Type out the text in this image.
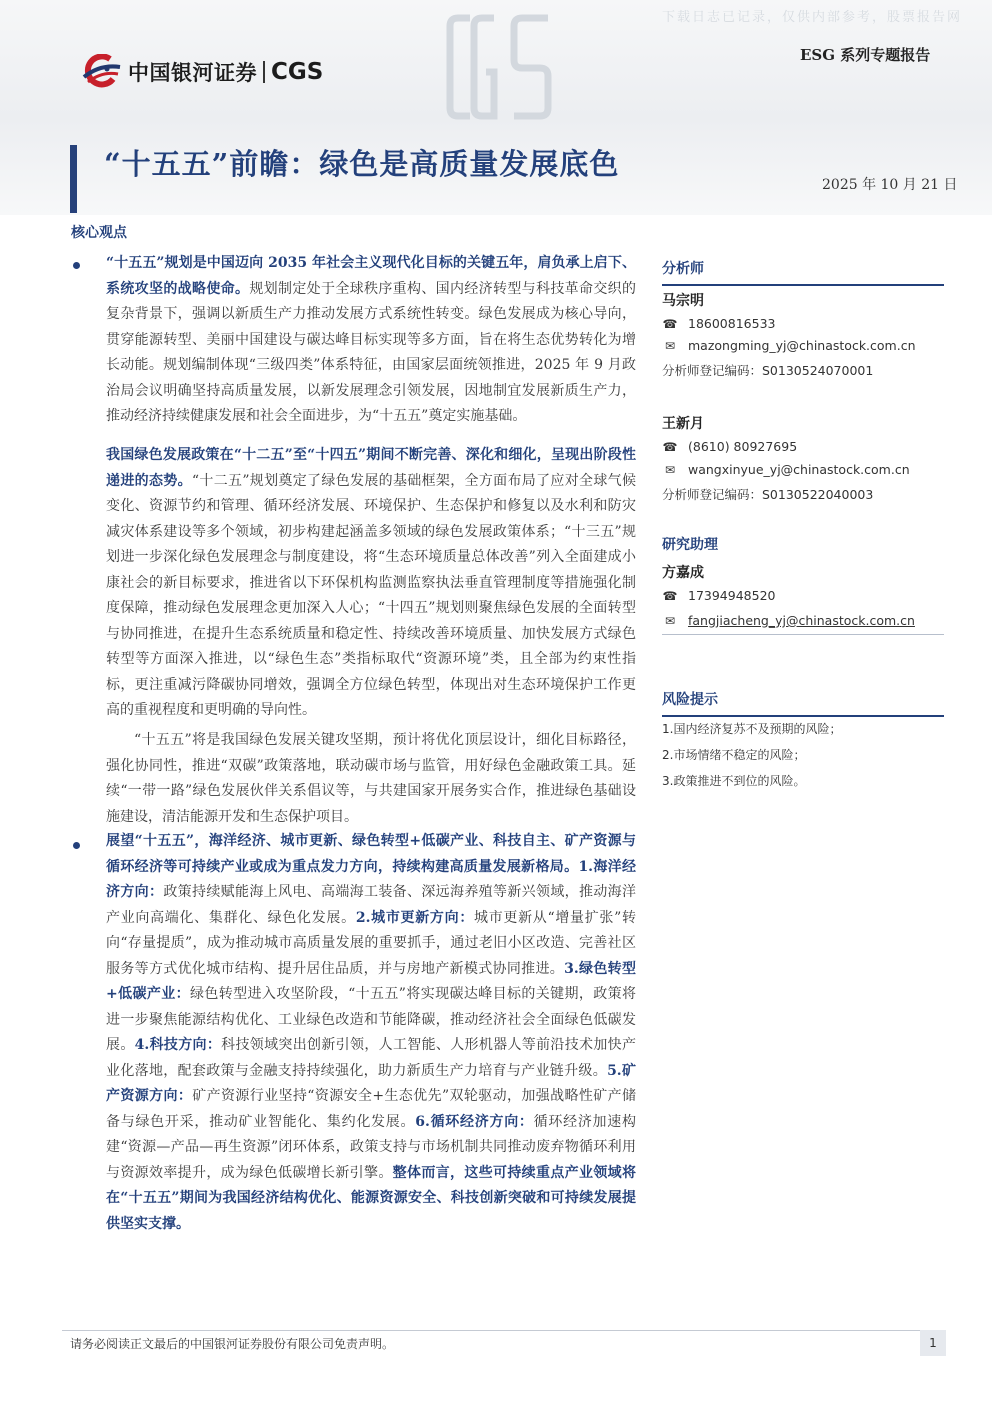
下载日志已记录，仅供内部参考，股票报告网
中国银河证券 CGS
ESG 系列专题报告
“十五五”前瞻：绿色是高质量发展底色
2025 年 10 月 21 日
核心观点

“十五五”规划是中国迈向 2035 年社会主义现代化目标的关键五年，肩负承上启下、系统攻坚的战略使命。规划制定处于全球秩序重构、国内经济转型与科技革命交织的复杂背景下，强调以新质生产力推动发展方式系统性转变。绿色发展成为核心导向，贯穿能源转型、美丽中国建设与碳达峰目标实现等多方面，旨在将生态优势转化为增长动能。规划编制体现“三级四类”体系特征，由国家层面统领推进，2025 年 9 月政治局会议明确坚持高质量发展，以新发展理念引领发展，因地制宜发展新质生产力，推动经济持续健康发展和社会全面进步，为“十五五”奠定实施基础。

我国绿色发展政策在“十二五”至“十四五”期间不断完善、深化和细化，呈现出阶段性递进的态势。“十二五”规划奠定了绿色发展的基础框架，全方面布局了应对全球气候变化、资源节约和管理、循环经济发展、环境保护、生态保护和修复以及水利和防灾减灾体系建设等多个领域，初步构建起涵盖多领域的绿色发展政策体系；“十三五”规划进一步深化绿色发展理念与制度建设，将“生态环境质量总体改善”列入全面建成小康社会的新目标要求，推进省以下环保机构监测监察执法垂直管理制度等措施强化制度保障，推动绿色发展理念更加深入人心；“十四五”规划则聚焦绿色发展的全面转型与协同推进，在提升生态系统质量和稳定性、持续改善环境质量、加快发展方式绿色转型等方面深入推进，以“绿色生态”类指标取代“资源环境”类，且全部为约束性指标，更注重减污降碳协同增效，强调全方位绿色转型，体现出对生态环境保护工作更高的重视程度和更明确的导向性。

“十五五”将是我国绿色发展关键攻坚期，预计将优化顶层设计，细化目标路径，强化协同性，推进“双碳”政策落地，联动碳市场与监管，用好绿色金融政策工具。延续“一带一路”绿色发展伙伴关系倡议等，与共建国家开展务实合作，推进绿色基础设施建设，清洁能源开发和生态保护项目。

展望“十五五”，海洋经济、城市更新、绿色转型+低碳产业、科技自主、矿产资源与循环经济等可持续产业或成为重点发力方向，持续构建高质量发展新格局。1.海洋经济方向：政策持续赋能海上风电、高端海工装备、深远海养殖等新兴领域，推动海洋产业向高端化、集群化、绿色化发展。2.城市更新方向：城市更新从“增量扩张”转向“存量提质”，成为推动城市高质量发展的重要抓手，通过老旧小区改造、完善社区服务等方式优化城市结构、提升居住品质，并与房地产新模式协同推进。3.绿色转型+低碳产业：绿色转型进入攻坚阶段，“十五五”将实现碳达峰目标的关键期，政策将进一步聚焦能源结构优化、工业绿色改造和节能降碳，推动经济社会全面绿色低碳发展。4.科技方向：科技领域突出创新引领，人工智能、人形机器人等前沿技术加快产业化落地，配套政策与金融支持持续强化，助力新质生产力培育与产业链升级。5.矿产资源方向：矿产资源行业坚持“资源安全+生态优先”双轮驱动，加强战略性矿产储备与绿色开采，推动矿业智能化、集约化发展。6.循环经济方向：循环经济加速构建“资源—产品—再生资源”闭环体系，政策支持与市场机制共同推动废弃物循环利用与资源效率提升，成为绿色低碳增长新引擎。整体而言，这些可持续重点产业领域将在“十五五”期间为我国经济结构优化、能源资源安全、科技创新突破和可持续发展提供坚实支撑。

分析师
马宗明
☎ 18600816533
✉ mazongming_yj@chinastock.com.cn
分析师登记编码：S0130524070001
王新月
☎ (8610) 80927695
✉ wangxinyue_yj@chinastock.com.cn
分析师登记编码：S0130522040003
研究助理
方嘉成
☎ 17394948520
✉ fangjiacheng_yj@chinastock.com.cn
风险提示
1.国内经济复苏不及预期的风险；
2.市场情绪不稳定的风险；
3.政策推进不到位的风险。
请务必阅读正文最后的中国银河证券股份有限公司免责声明。	1
